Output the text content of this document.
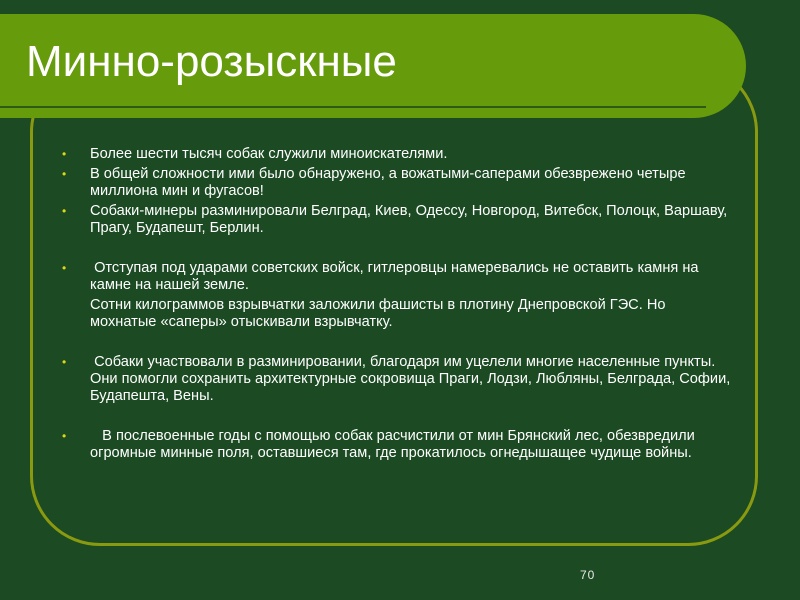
Минно-розыскные
• Более шести тысяч собак служили миноискателями.
• В общей сложности ими было обнаружено, а вожатыми-саперами обезврежено четыре миллиона мин и фугасов!
• Собаки-минеры разминировали Белград, Киев, Одессу, Новгород, Витебск, Полоцк, Варшаву, Прагу, Будапешт, Берлин.
• Отступая под ударами советских войск, гитлеровцы намеревались не оставить камня на камне на нашей земле.
Сотни килограммов взрывчатки заложили фашисты в плотину Днепровской ГЭС. Но мохнатые «саперы» отыскивали взрывчатку.
• Собаки участвовали в разминировании, благодаря им уцелели многие населенные пункты. Они помогли сохранить архитектурные сокровища Праги, Лодзи, Любляны, Белграда, Софии, Будапешта, Вены.
• В послевоенные годы с помощью собак расчистили от мин Брянский лес, обезвредили огромные минные поля, оставшиеся там, где прокатилось огнедышащее чудище войны.
70
